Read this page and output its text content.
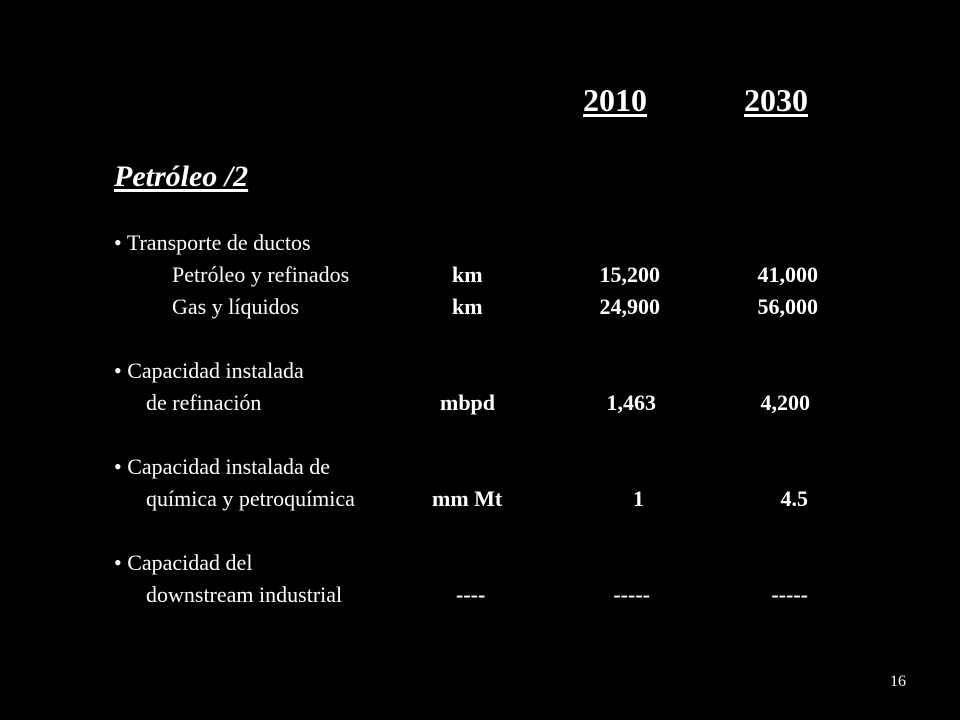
2010	2030
Petróleo /2
• Transporte de ductos
Petróleo y refinados	km	15,200	41,000
Gas y líquidos	km	24,900	56,000
• Capacidad instalada
de refinación	mbpd	1,463	4,200
• Capacidad instalada de
química y petroquímica	mm Mt	1	4.5
• Capacidad del
downstream industrial	----	-----	-----
16
